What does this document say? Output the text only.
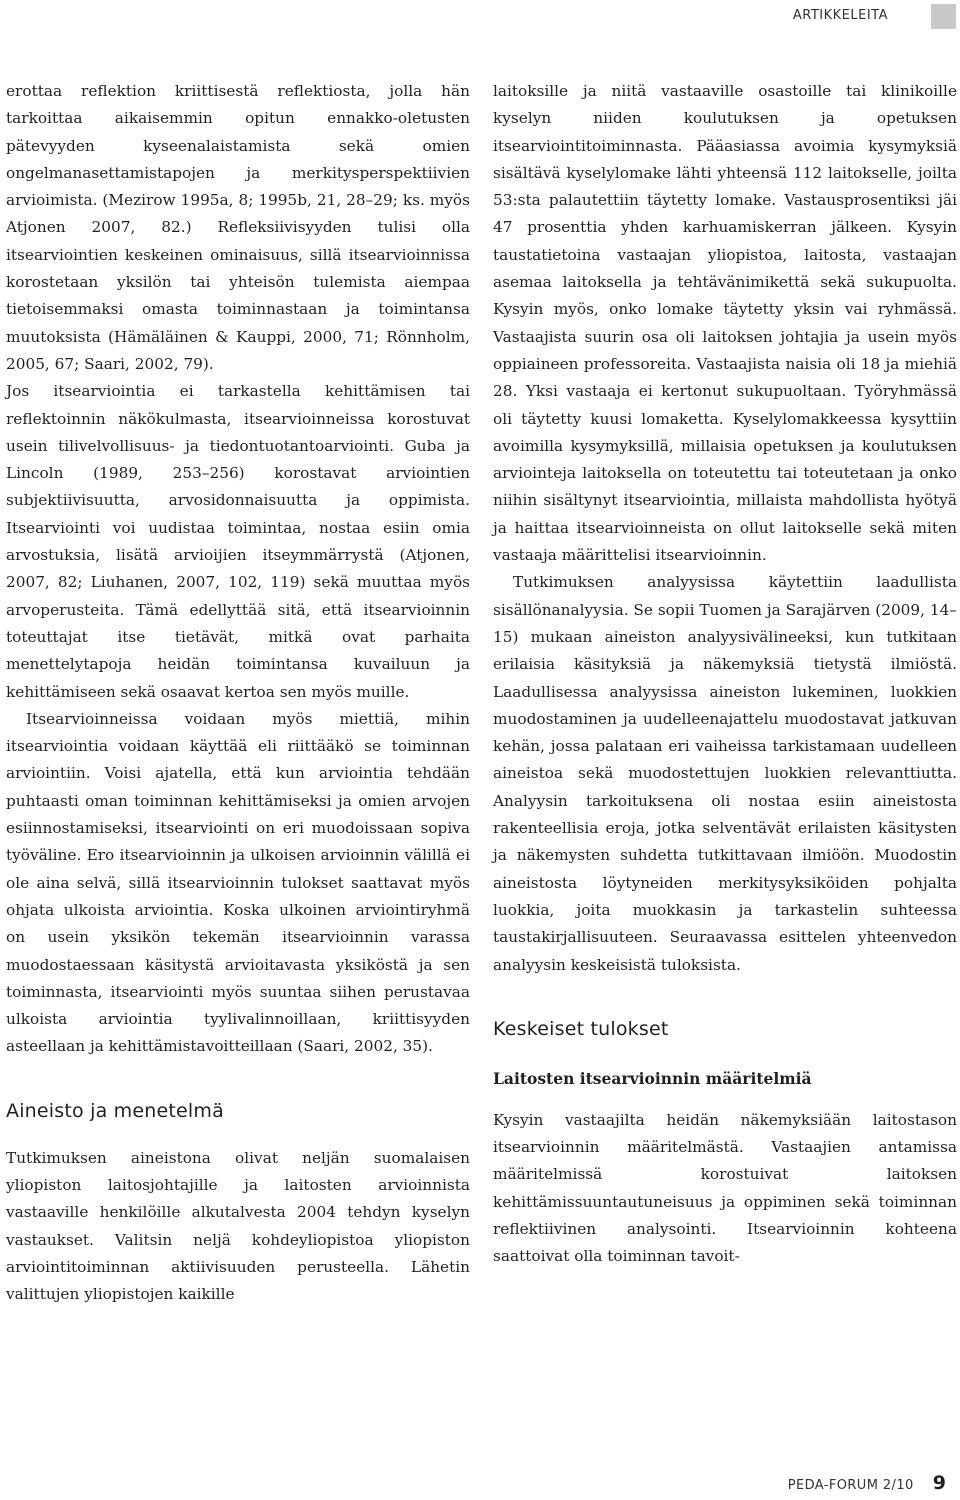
ARTIKKELEITA

erottaa reflektion kriittisestä reflektiosta, jolla hän tarkoittaa aikaisemmin opitun ennakko-oletusten pätevyyden kyseenalaistamista sekä omien ongelmanasettamistapojen ja merkitysperspektiivien arvioimista. (Mezirow 1995a, 8; 1995b, 21, 28–29; ks. myös Atjonen 2007, 82.) Refleksiivisyyden tulisi olla itsearviointien keskeinen ominaisuus, sillä itsearvioinnissa korostetaan yksilön tai yhteisön tulemista aiempaa tietoisemmaksi omasta toiminnastaan ja toimintansa muutoksista (Hämäläinen & Kauppi, 2000, 71; Rönnholm, 2005, 67; Saari, 2002, 79).

Jos itsearviointia ei tarkastella kehittämisen tai reflektoinnin näkökulmasta, itsearvioinneissa korostuvat usein tilivelvollisuus- ja tiedontuotantoarviointi. Guba ja Lincoln (1989, 253–256) korostavat arviointien subjektiivisuutta, arvosidonnaisuutta ja oppimista. Itsearviointi voi uudistaa toimintaa, nostaa esiin omia arvostuksia, lisätä arvioijien itseymmärrystä (Atjonen, 2007, 82; Liuhanen, 2007, 102, 119) sekä muuttaa myös arvoperusteita. Tämä edellyttää sitä, että itsearvioinnin toteuttajat itse tietävät, mitkä ovat parhaita menettelytapoja heidän toimintansa kuvailuun ja kehittämiseen sekä osaavat kertoa sen myös muille.

Itsearvioinneissa voidaan myös miettiä, mihin itsearviointia voidaan käyttää eli riittääkö se toiminnan arviointiin. Voisi ajatella, että kun arviointia tehdään puhtaasti oman toiminnan kehittämiseksi ja omien arvojen esiinnostamiseksi, itsearviointi on eri muodoissaan sopiva työväline. Ero itsearvioinnin ja ulkoisen arvioinnin välillä ei ole aina selvä, sillä itsearvioinnin tulokset saattavat myös ohjata ulkoista arviointia. Koska ulkoinen arviointiryhmä on usein yksikön tekemän itsearvioinnin varassa muodostaessaan käsitystä arvioitavasta yksiköstä ja sen toiminnasta, itsearviointi myös suuntaa siihen perustavaa ulkoista arviointia tyylivalinnoillaan, kriittisyyden asteellaan ja kehittämistavoitteillaan (Saari, 2002, 35).

Aineisto ja menetelmä

Tutkimuksen aineistona olivat neljän suomalaisen yliopiston laitosjohtajille ja laitosten arvioinnista vastaaville henkilöille alkutalvesta 2004 tehdyn kyselyn vastaukset. Valitsin neljä kohdeyliopistoa yliopiston arviointitoiminnan aktiivisuuden perusteella. Lähetin valittujen yliopistojen kaikille

laitoksille ja niitä vastaaville osastoille tai klinikoille kyselyn niiden koulutuksen ja opetuksen itsearviointitoiminnasta. Pääasiassa avoimia kysymyksiä sisältävä kyselylomake lähti yhteensä 112 laitokselle, joilta 53:sta palautettiin täytetty lomake. Vastausprosentiksi jäi 47 prosenttia yhden karhuamiskerran jälkeen. Kysyin taustatietoina vastaajan yliopistoa, laitosta, vastaajan asemaa laitoksella ja tehtävänimikettä sekä sukupuolta. Kysyin myös, onko lomake täytetty yksin vai ryhmässä. Vastaajista suurin osa oli laitoksen johtajia ja usein myös oppiaineen professoreita. Vastaajista naisia oli 18 ja miehiä 28. Yksi vastaaja ei kertonut sukupuoltaan. Työryhmässä oli täytetty kuusi lomaketta. Kyselylomakkeessa kysyttiin avoimilla kysymyksillä, millaisia opetuksen ja koulutuksen arviointeja laitoksella on toteutettu tai toteutetaan ja onko niihin sisältynyt itsearviointia, millaista mahdollista hyötyä ja haittaa itsearvioinneista on ollut laitokselle sekä miten vastaaja määrittelisi itsearvioinnin.

Tutkimuksen analyysissa käytettiin laadullista sisällönanalyysia. Se sopii Tuomen ja Sarajärven (2009, 14–15) mukaan aineiston analyysivälineeksi, kun tutkitaan erilaisia käsityksiä ja näkemyksiä tietystä ilmiöstä. Laadullisessa analyysissa aineiston lukeminen, luokkien muodostaminen ja uudelleenajattelu muodostavat jatkuvan kehän, jossa palataan eri vaiheissa tarkistamaan uudelleen aineistoa sekä muodostettujen luokkien relevanttiutta. Analyysin tarkoituksena oli nostaa esiin aineistosta rakenteellisia eroja, jotka selventävät erilaisten käsitysten ja näkemysten suhdetta tutkittavaan ilmiöön. Muodostin aineistosta löytyneiden merkitysyksiköiden pohjalta luokkia, joita muokkasin ja tarkastelin suhteessa taustakirjallisuuteen. Seuraavassa esittelen yhteenvedon analyysin keskeisistä tuloksista.

Keskeiset tulokset
Laitosten itsearvioinnin määritelmiä

Kysyin vastaajilta heidän näkemyksiään laitostason itsearvioinnin määritelmästä. Vastaajien antamissa määritelmissä korostuivat laitoksen kehittämissuuntautuneisuus ja oppiminen sekä toiminnan reflektiivinen analysointi. Itsearvioinnin kohteena saattoivat olla toiminnan tavoit-

PEDA-FORUM 2/10 9
